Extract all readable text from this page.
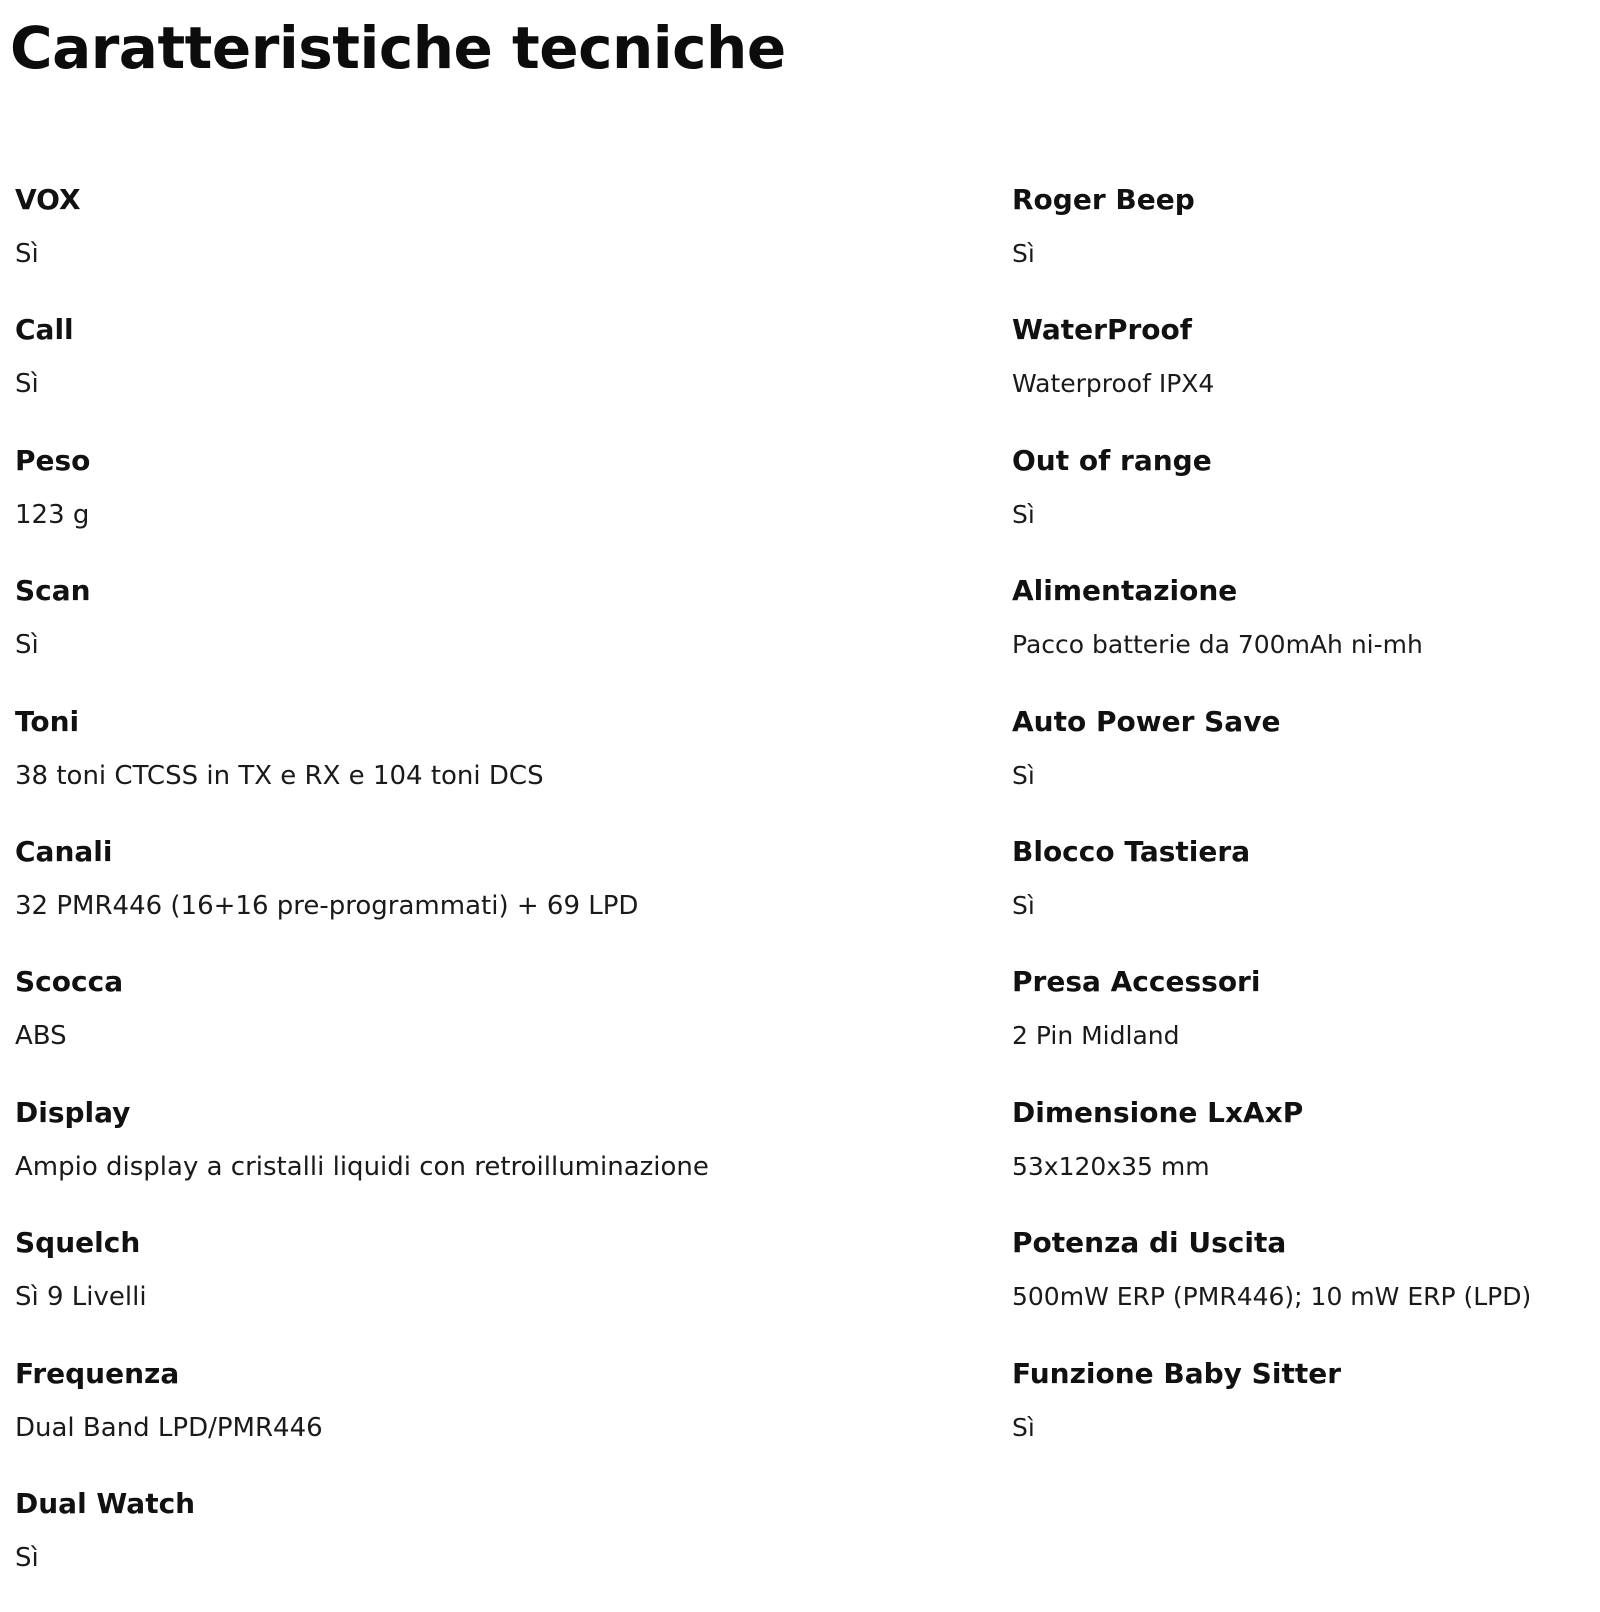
Caratteristiche tecniche
VOX
Sì
Call
Sì
Peso
123 g
Scan
Sì
Toni
38 toni CTCSS in TX e RX e 104 toni DCS
Canali
32 PMR446 (16+16 pre-programmati) + 69 LPD
Scocca
ABS
Display
Ampio display a cristalli liquidi con retroilluminazione
Squelch
Sì 9 Livelli
Frequenza
Dual Band LPD/PMR446
Dual Watch
Sì
Roger Beep
Sì
WaterProof
Waterproof IPX4
Out of range
Sì
Alimentazione
Pacco batterie da 700mAh ni-mh
Auto Power Save
Sì
Blocco Tastiera
Sì
Presa Accessori
2 Pin Midland
Dimensione LxAxP
53x120x35 mm
Potenza di Uscita
500mW ERP (PMR446); 10 mW ERP (LPD)
Funzione Baby Sitter
Sì
